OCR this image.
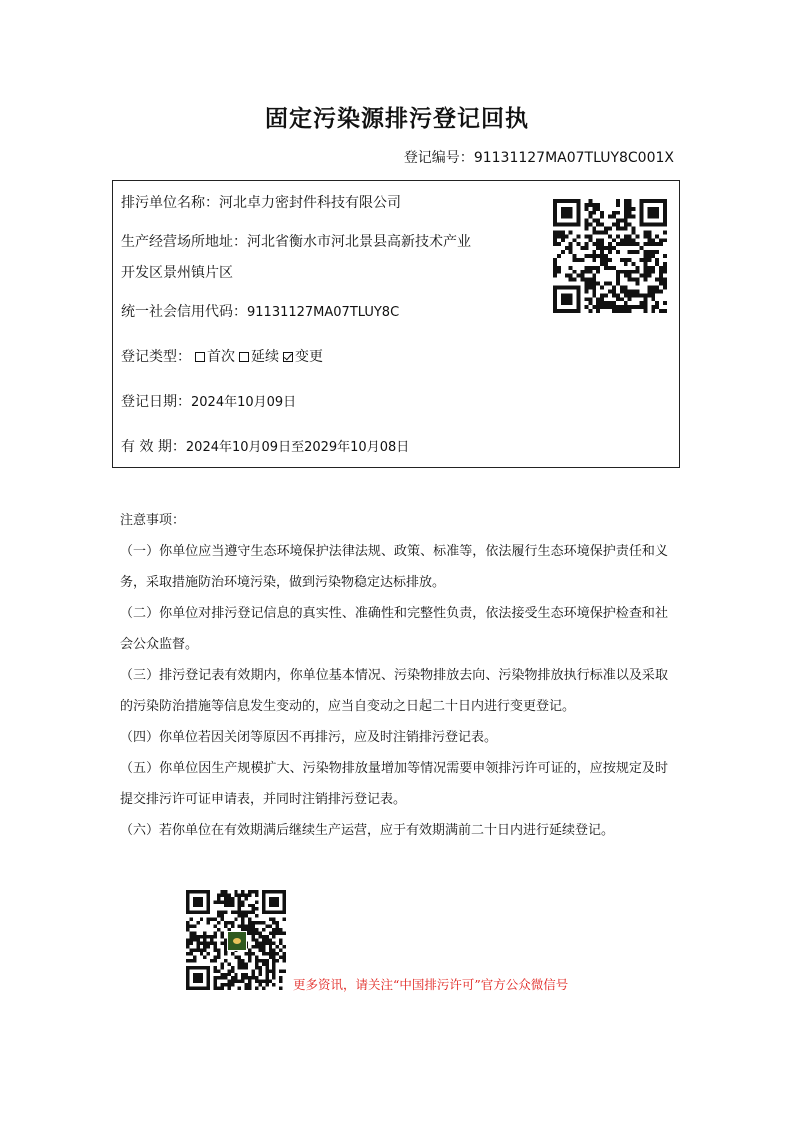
固定污染源排污登记回执
登记编号：91131127MA07TLUY8C001X
排污单位名称：河北卓力密封件科技有限公司
生产经营场所地址：河北省衡水市河北景县高新技术产业
开发区景州镇片区
统一社会信用代码：91131127MA07TLUY8C
登记类型： 首次 延续 变更
登记日期：2024年10月09日
有 效 期：2024年10月09日至2029年10月08日

注意事项：

（一）你单位应当遵守生态环境保护法律法规、政策、标准等，依法履行生态环境保护责任和义务，采取措施防治环境污染，做到污染物稳定达标排放。

（二）你单位对排污登记信息的真实性、准确性和完整性负责，依法接受生态环境保护检查和社会公众监督。

（三）排污登记表有效期内，你单位基本情况、污染物排放去向、污染物排放执行标准以及采取的污染防治措施等信息发生变动的，应当自变动之日起二十日内进行变更登记。

（四）你单位若因关闭等原因不再排污，应及时注销排污登记表。

（五）你单位因生产规模扩大、污染物排放量增加等情况需要申领排污许可证的，应按规定及时提交排污许可证申请表，并同时注销排污登记表。

（六）若你单位在有效期满后继续生产运营，应于有效期满前二十日内进行延续登记。

更多资讯，请关注“中国排污许可”官方公众微信号
